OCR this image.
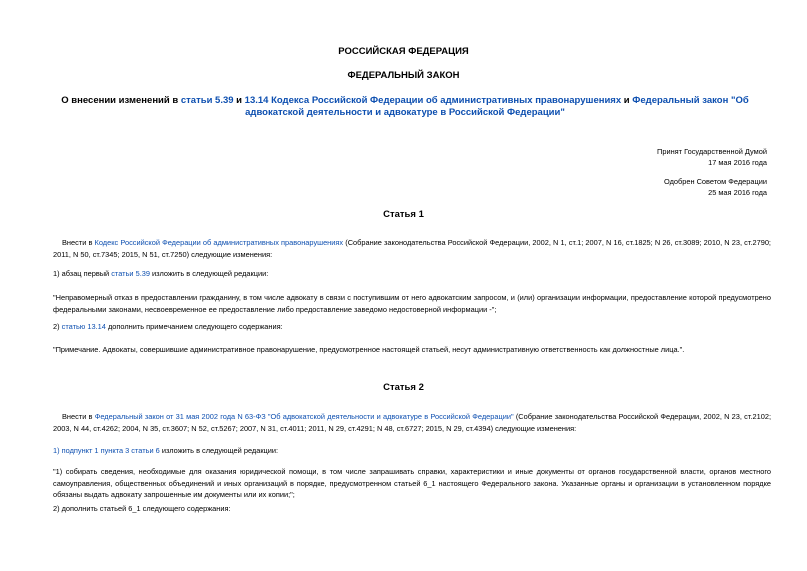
РОССИЙСКАЯ ФЕДЕРАЦИЯ
ФЕДЕРАЛЬНЫЙ ЗАКОН
О внесении изменений в статьи 5.39 и 13.14 Кодекса Российской Федерации об административных правонарушениях и Федеральный закон "Об адвокатской деятельности и адвокатуре в Российской Федерации"
Принят Государственной Думой
17 мая 2016 года
Одобрен Советом Федерации
25 мая 2016 года
Статья 1
Внести в Кодекс Российской Федерации об административных правонарушениях (Собрание законодательства Российской Федерации, 2002, N 1, ст.1; 2007, N 16, ст.1825; N 26, ст.3089; 2010, N 23, ст.2790; 2011, N 50, ст.7345; 2015, N 51, ст.7250) следующие изменения:
1) абзац первый статьи 5.39 изложить в следующей редакции:
"Неправомерный отказ в предоставлении гражданину, в том числе адвокату в связи с поступившим от него адвокатским запросом, и (или) организации информации, предоставление которой предусмотрено федеральными законами, несвоевременное ее предоставление либо предоставление заведомо недостоверной информации -";
2) статью 13.14 дополнить примечанием следующего содержания:
"Примечание. Адвокаты, совершившие административное правонарушение, предусмотренное настоящей статьей, несут административную ответственность как должностные лица.".
Статья 2
Внести в Федеральный закон от 31 мая 2002 года N 63-ФЗ "Об адвокатской деятельности и адвокатуре в Российской Федерации" (Собрание законодательства Российской Федерации, 2002, N 23, ст.2102; 2003, N 44, ст.4262; 2004, N 35, ст.3607; N 52, ст.5267; 2007, N 31, ст.4011; 2011, N 29, ст.4291; N 48, ст.6727; 2015, N 29, ст.4394) следующие изменения:
1) подпункт 1 пункта 3 статьи 6 изложить в следующей редакции:
"1) собирать сведения, необходимые для оказания юридической помощи, в том числе запрашивать справки, характеристики и иные документы от органов государственной власти, органов местного самоуправления, общественных объединений и иных организаций в порядке, предусмотренном статьей 6_1 настоящего Федерального закона. Указанные органы и организации в установленном порядке обязаны выдать адвокату запрошенные им документы или их копии;";
2) дополнить статьей 6_1 следующего содержания:
